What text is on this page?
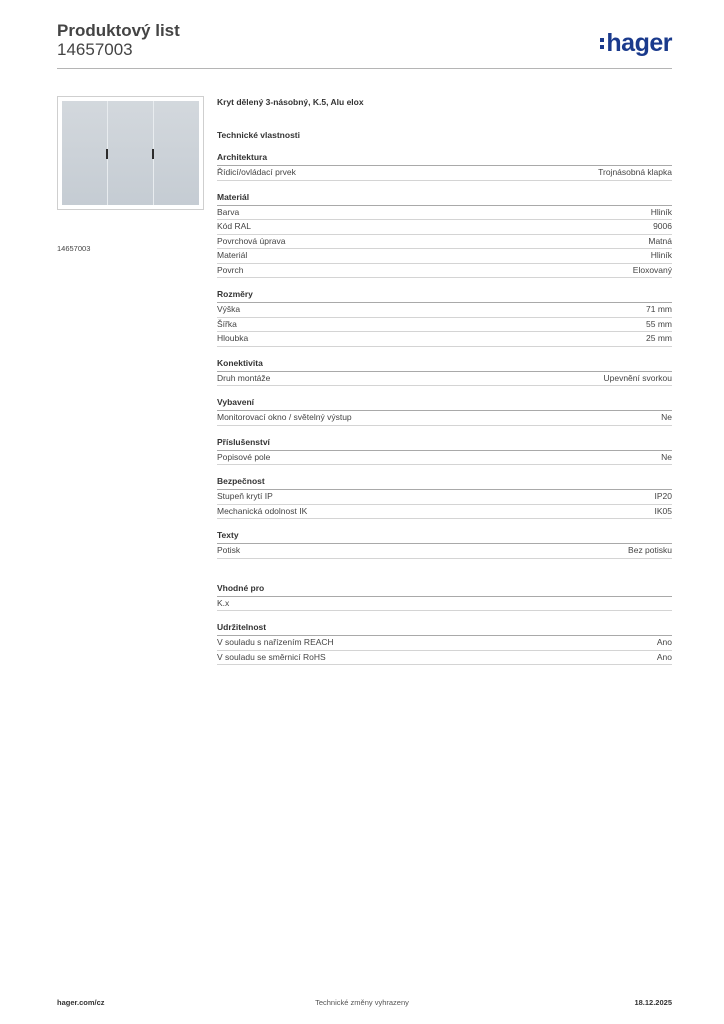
Produktový list
14657003	hager
14657003
Kryt dělený 3-násobný, K.5, Alu elox
Technické vlastnosti
Architektura
Řídicí/ovládací prvek	Trojnásobná klapka
Materiál
Barva	Hliník
Kód RAL	9006
Povrchová úprava	Matná
Materiál	Hliník
Povrch	Eloxovaný
Rozměry
Výška	71 mm
Šířka	55 mm
Hloubka	25 mm
Konektivita
Druh montáže	Upevnění svorkou
Vybavení
Monitorovací okno / světelný výstup	Ne
Příslušenství
Popisové pole	Ne
Bezpečnost
Stupeň krytí IP	IP20
Mechanická odolnost IK	IK05
Texty
Potisk	Bez potisku
Vhodné pro
K.x
Udržitelnost
V souladu s nařízením REACH	Ano
V souladu se směrnicí RoHS	Ano
hager.com/cz	Technické změny vyhrazeny	18.12.2025
